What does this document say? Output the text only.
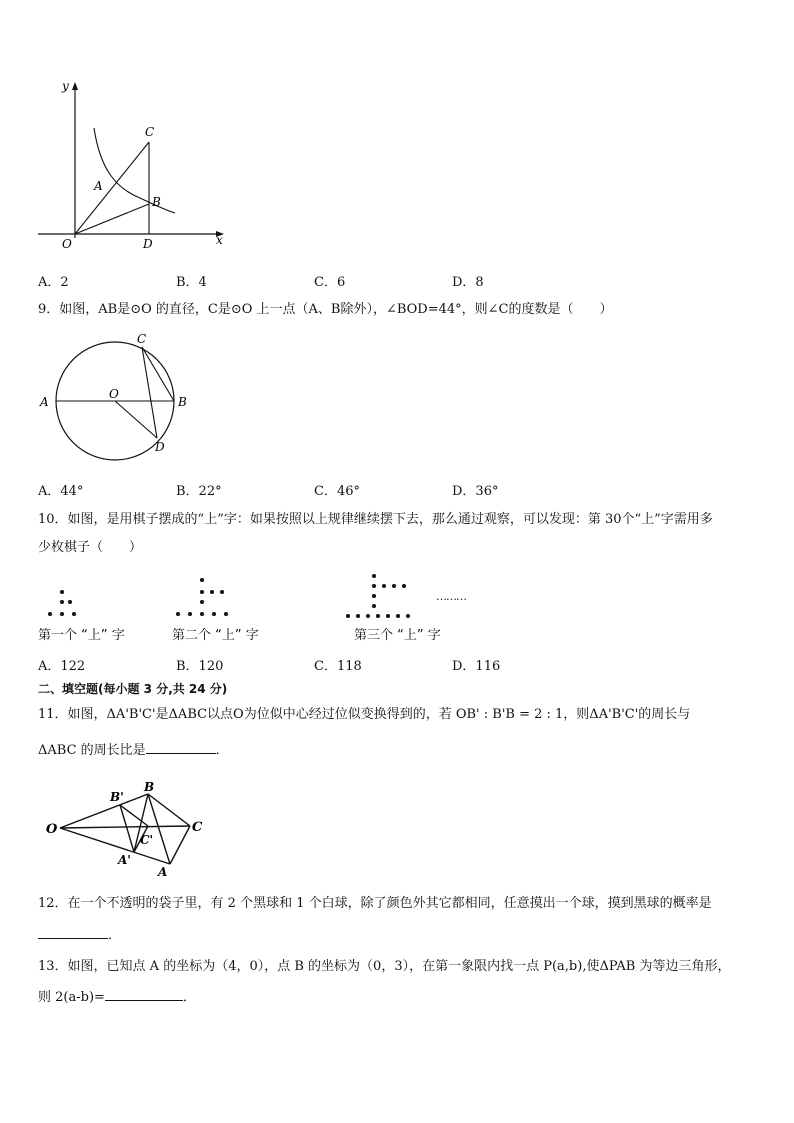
y
x
C
A
B
O	D
A．2	B．4	C．6	D．8
9．如图，AB是⊙O 的直径，C是⊙O 上一点（A、B除外），∠BOD=44°，则∠C的度数是（　　）
A	B
C
O
D
A．44°	B．22°	C．46°	D．36°
10．如图，是用棋子摆成的“上”字：如果按照以上规律继续摆下去，那么通过观察，可以发现：第 30个“上”字需用多
少枚棋子（　　）
………
第一个 “上” 字	第二个 “上” 字	第三个 “上” 字
A．122	B．120	C．118	D．116
二、填空题(每小题 3 分,共 24 分)
11．如图，ΔA'B'C'是ΔABC以点O为位似中心经过位似变换得到的，若 OB' : B'B = 2 : 1，则ΔA'B'C'的周长与
ΔABC 的周长比是	．
O
B'
B
C'
C
A'
A
12．在一个不透明的袋子里，有 2 个黑球和 1 个白球，除了颜色外其它都相同，任意摸出一个球，摸到黑球的概率是
．
13．如图，已知点 A 的坐标为（4，0），点 B 的坐标为（0，3），在第一象限内找一点 P(a,b),使ΔPAB 为等边三角形，
则 2(a-b)=	．
